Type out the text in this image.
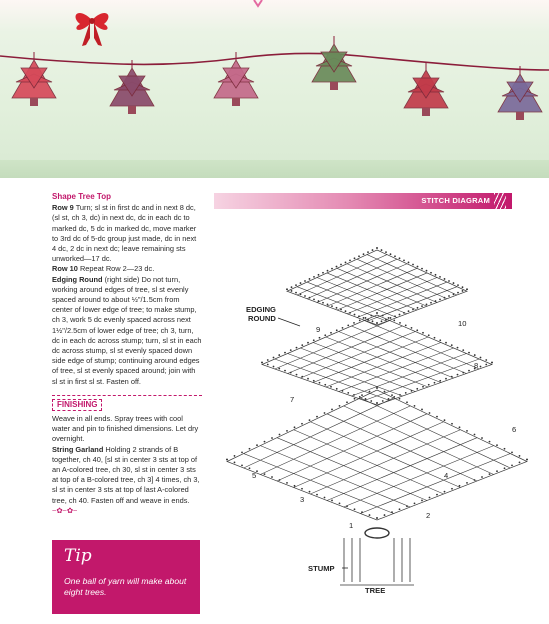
Shape Tree Top

Row 9 Turn; sl st in first dc and in next 8 dc, (sl st, ch 3, dc) in next dc, dc in each dc to marked dc, 5 dc in marked dc, move marker to 3rd dc of 5-dc group just made, dc in next 4 dc, 2 dc in next dc; leave remaining sts unworked—17 dc.

Row 10 Repeat Row 2—23 dc.

Edging Round (right side) Do not turn, working around edges of tree, sl st evenly spaced around to about ½"/1.5cm from center of lower edge of tree; to make stump, ch 3, work 5 dc evenly spaced across next 1½"/2.5cm of lower edge of tree; ch 3, turn, dc in each dc across stump; turn, sl st in each dc across stump, sl st evenly spaced down side edge of stump; continuing around edges of tree, sl st evenly spaced around; join with sl st in first sl st. Fasten off.

FINISHING

Weave in all ends. Spray trees with cool water and pin to finished dimensions. Let dry overnight.

String Garland Holding 2 strands of B together, ch 40, [sl st in center 3 sts at top of an A-colored tree, ch 30, sl st in center 3 sts at top of a B-colored tree, ch 3] 4 times, ch 3, sl st in center 3 sts at top of last A-colored tree, ch 40. Fasten off and weave in ends. ~✿~✿~

Tip
One ball of yarn will make about eight trees.
STITCH DIAGRAM
EDGING
ROUND
STUMP
TREE
1
2
3
4
5
6
7
8
9
10
